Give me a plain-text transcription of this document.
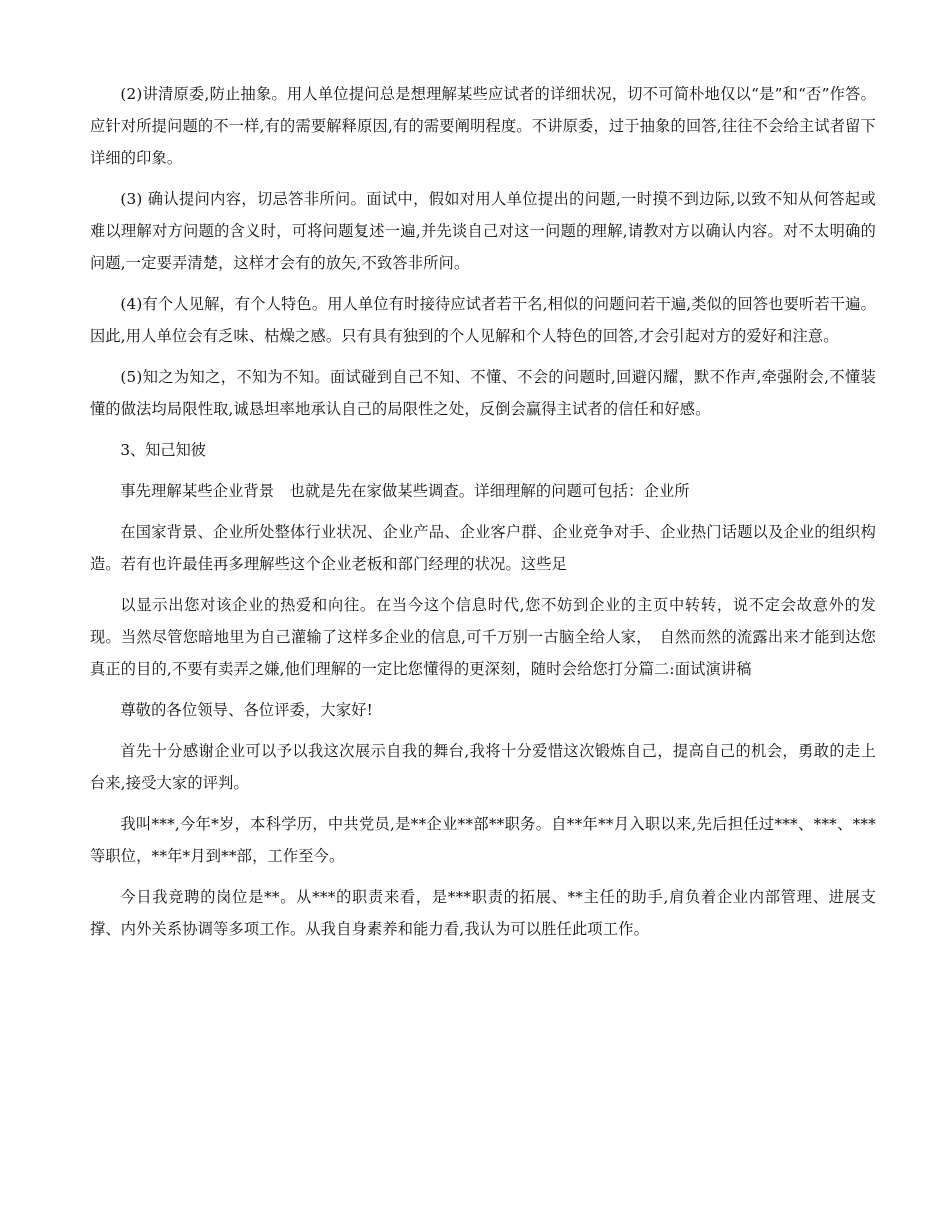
(2)讲清原委,防止抽象。用人单位提问总是想理解某些应试者的详细状况，切不可简朴地仅以“是”和“否”作答。应针对所提问题的不一样,有的需要解释原因,有的需要阐明程度。不讲原委，过于抽象的回答,往往不会给主试者留下详细的印象。

(3) 确认提问内容，切忌答非所问。面试中，假如对用人单位提出的问题,一时摸不到边际,以致不知从何答起或难以理解对方问题的含义时，可将问题复述一遍,并先谈自己对这一问题的理解,请教对方以确认内容。对不太明确的问题,一定要弄清楚，这样才会有的放矢,不致答非所问。

(4)有个人见解，有个人特色。用人单位有时接待应试者若干名,相似的问题问若干遍,类似的回答也要听若干遍。因此,用人单位会有乏味、枯燥之感。只有具有独到的个人见解和个人特色的回答,才会引起对方的爱好和注意。

(5)知之为知之，不知为不知。面试碰到自己不知、不懂、不会的问题时,回避闪耀，默不作声,牵强附会,不懂装懂的做法均局限性取,诚恳坦率地承认自己的局限性之处，反倒会赢得主试者的信任和好感。

3、知己知彼

事先理解某些企业背景　也就是先在家做某些调查。详细理解的问题可包括：企业所

在国家背景、企业所处整体行业状况、企业产品、企业客户群、企业竞争对手、企业热门话题以及企业的组织构造。若有也许最佳再多理解些这个企业老板和部门经理的状况。这些足

以显示出您对该企业的热爱和向往。在当今这个信息时代,您不妨到企业的主页中转转，说不定会故意外的发现。当然尽管您暗地里为自己灌输了这样多企业的信息,可千万别一古脑全给人家，　自然而然的流露出来才能到达您真正的目的,不要有卖弄之嫌,他们理解的一定比您懂得的更深刻，随时会给您打分篇二:面试演讲稿

尊敬的各位领导、各位评委，大家好!

首先十分感谢企业可以予以我这次展示自我的舞台,我将十分爱惜这次锻炼自己，提高自己的机会，勇敢的走上台来,接受大家的评判。

我叫***,今年*岁，本科学历，中共党员,是**企业**部**职务。自**年**月入职以来,先后担任过***、***、***等职位，**年*月到**部，工作至今。

今日我竞聘的岗位是**。从***的职责来看，是***职责的拓展、**主任的助手,肩负着企业内部管理、进展支撑、内外关系协调等多项工作。从我自身素养和能力看,我认为可以胜任此项工作。
